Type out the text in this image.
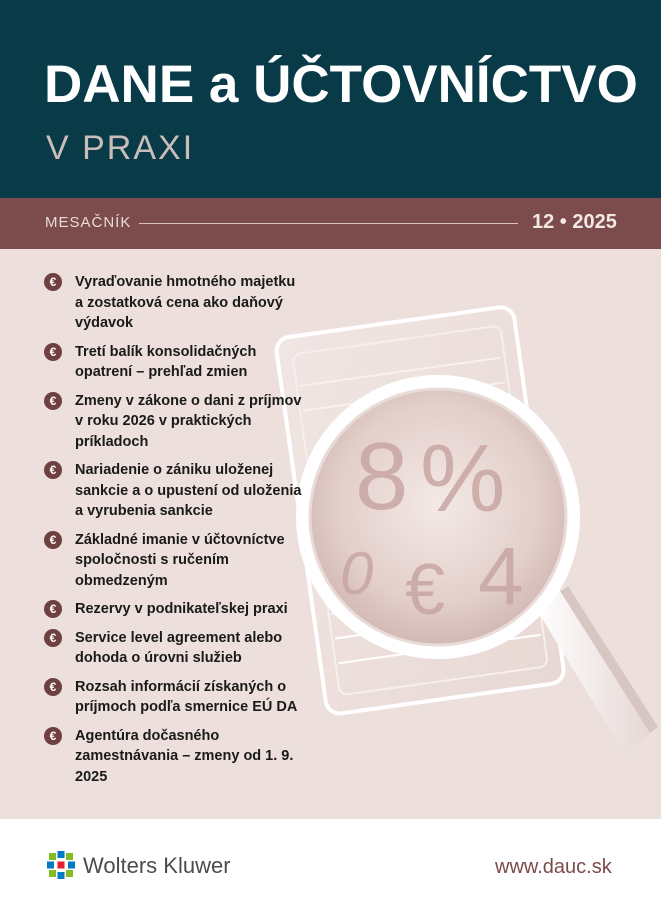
DANE a ÚČTOVNÍCTVO
V PRAXI
MESAČNÍK	12 • 2025
8 %
0 € 4
€	Vyraďovanie hmotného majetku a zostatková cena ako daňový výdavok
€	Tretí balík konsolidačných opatrení – prehľad zmien
€	Zmeny v zákone o dani z príjmov v roku 2026 v praktických príkladoch
€	Nariadenie o zániku uloženej sankcie a o upustení od uloženia a vyrubenia sankcie
€	Základné imanie v účtovníctve spoločnosti s ručením obmedzeným
€	Rezervy v podnikateľskej praxi
€	Service level agreement alebo dohoda o úrovni služieb
€	Rozsah informácií získaných o príjmoch podľa smernice EÚ DA
€	Agentúra dočasného zamestnávania – zmeny od 1. 9. 2025
Wolters Kluwer	www.dauc.sk
